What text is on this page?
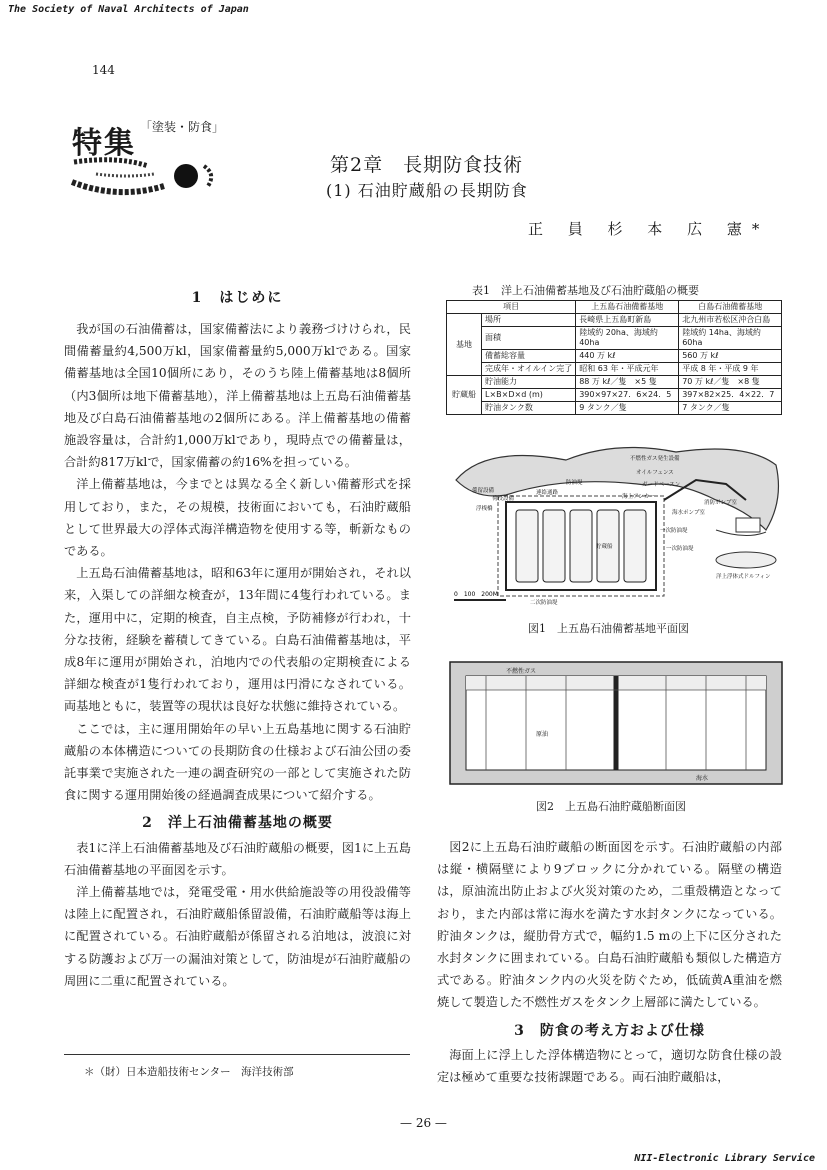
The Society of Naval Architects of Japan
NII-Electronic Library Service
144
特集 「塗装・防食」
第2章　長期防食技術
(1) 石油貯蔵船の長期防食
正 員 杉 本 広 憲*
1　はじめに

我が国の石油備蓄は，国家備蓄法により義務づけけられ，民間備蓄量約4,500万kl，国家備蓄量約5,000万klである。国家備蓄基地は全国10個所にあり，そのうち陸上備蓄基地は8個所（内3個所は地下備蓄基地），洋上備蓄基地は上五島石油備蓄基地及び白島石油備蓄基地の2個所にある。洋上備蓄基地の備蓄施設容量は，合計約1,000万klであり，現時点での備蓄量は，合計約817万klで，国家備蓄の約16%を担っている。

洋上備蓄基地は，今までとは異なる全く新しい備蓄形式を採用しており，また，その規模，技術面においても，石油貯蔵船として世界最大の浮体式海洋構造物を使用する等，斬新なものである。

上五島石油備蓄基地は，昭和63年に運用が開始され，それ以来，入渠しての詳細な検査が，13年間に4隻行われている。また，運用中に，定期的検査，自主点検，予防補修が行われ，十分な技術，経験を蓄積してきている。白島石油備蓄基地は，平成8年に運用が開始され，泊地内での代表船の定期検査による詳細な検査が1隻行われており，運用は円滑になされている。両基地ともに，装置等の現状は良好な状態に維持されている。

ここでは，主に運用開始年の早い上五島基地に関する石油貯蔵船の本体構造についての長期防食の仕様および石油公団の委託事業で実施された一連の調査研究の一部として実施された防食に関する運用開始後の経過調査成果について紹介する。

2　洋上石油備蓄基地の概要

表1に洋上石油備蓄基地及び石油貯蔵船の概要，図1に上五島石油備蓄基地の平面図を示す。

洋上備蓄基地では，発電受電・用水供給施設等の用役設備等は陸上に配置され，石油貯蔵船係留設備，石油貯蔵船等は海上に配置されている。石油貯蔵船が係留される泊地は，波浪に対する防護および万一の漏油対策として，防油堤が石油貯蔵船の周囲に二重に配置されている。

表1　洋上石油備蓄基地及び石油貯蔵船の概要
項目		上五島石油備蓄基地	白島石油備蓄基地
基地	場所	長崎県上五島町新島	北九州市若松区沖合白島
	面積	陸域約 20ha、海域約 40ha	陸域約 14ha、海域約 60ha
	備蓄総容量	440 万 kℓ	560 万 kℓ
	完成年・オイルイン完了	昭和 63 年・平成元年	平成 8 年・平成 9 年
貯蔵船	貯油能力	88 万 kℓ／隻　×5 隻	70 万 kℓ／隻　×8 隻
	L×B×D×d (m)	390×97×27．6×24．5	397×82×25．4×22．7
	貯油タンク数	9 タンク／隻	7 タンク／隻
0　100　200M
荷役設備
不燃性ガス発生設備
オイルフェンス
ガードベースン
係留設備
浮桟橋
連絡通路
防油堤
一次防油堤
海水ポンプ室
消防ポンプ室
貯蔵船	一次防油堤
二次防油堤
海上アンカー
洋上浮体式ドルフィン
図1　上五島石油備蓄基地平面図
不燃性ガス
原油
海水
図2　上五島石油貯蔵船断面図

図2に上五島石油貯蔵船の断面図を示す。石油貯蔵船の内部は縦・横隔壁により9ブロックに分かれている。隔壁の構造は，原油流出防止および火災対策のため，二重殻構造となっており，また内部は常に海水を満たす水封タンクになっている。貯油タンクは，縦肋骨方式で，幅約1.5 mの上下に区分された水封タンクに囲まれている。白島石油貯蔵船も類似した構造方式である。貯油タンク内の火災を防ぐため，低硫黄A重油を燃焼して製造した不燃性ガスをタンク上層部に満たしている。

3　防食の考え方および仕様

海面上に浮上した浮体構造物にとって，適切な防食仕様の設定は極めて重要な技術課題である。両石油貯蔵船は，

＊（財）日本造船技術センター　海洋技術部
— 26 —
